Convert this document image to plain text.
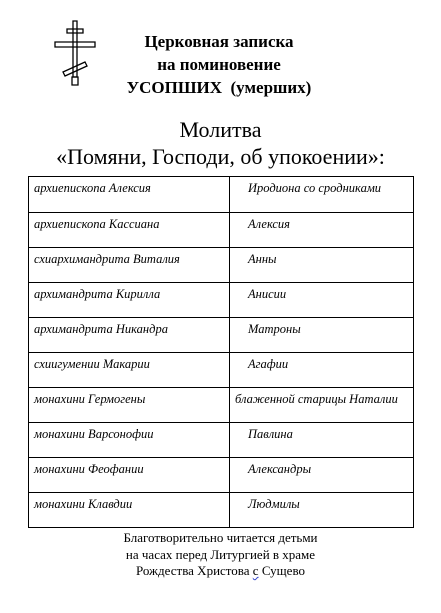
Церковная записка
на поминовение
УСОПШИХ  (умерших)
Молитва
«Помяни, Господи, об упокоении»:
архиепископа Алексия	Иродиона со сродниками
архиепископа Кассиана	Алексия
схиархимандрита Виталия	Анны
архимандрита Кирилла	Анисии
архимандрита Никандра	Матроны
схиигумении Макарии	Агафии
монахини Гермогены	блаженной старицы Наталии
монахини Варсонофии	Павлина
монахини Феофании	Александры
монахини Клавдии	Людмилы
Благотворительно читается детьми
на часах перед Литургией в храме
Рождества Христова с Сущево
